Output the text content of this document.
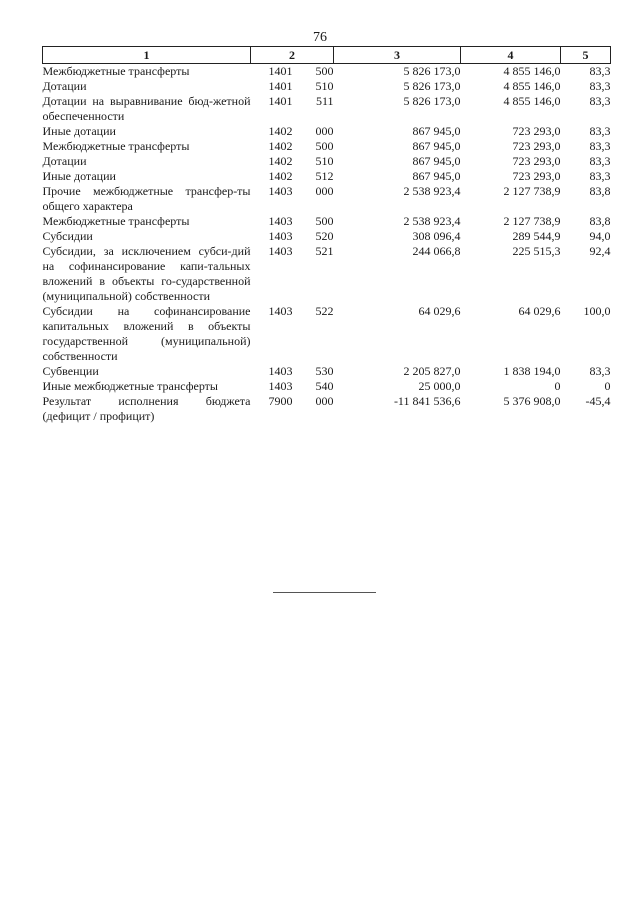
76
1	2		3	4	5
Межбюджетные трансферты	1401	500	5 826 173,0	4 855 146,0	83,3
Дотации	1401	510	5 826 173,0	4 855 146,0	83,3
Дотации на выравнивание бюд-жетной обеспеченности	1401	511	5 826 173,0	4 855 146,0	83,3
Иные дотации	1402	000	867 945,0	723 293,0	83,3
Межбюджетные трансферты	1402	500	867 945,0	723 293,0	83,3
Дотации	1402	510	867 945,0	723 293,0	83,3
Иные дотации	1402	512	867 945,0	723 293,0	83,3
Прочие межбюджетные трансфер-ты общего характера	1403	000	2 538 923,4	2 127 738,9	83,8
Межбюджетные трансферты	1403	500	2 538 923,4	2 127 738,9	83,8
Субсидии	1403	520	308 096,4	289 544,9	94,0
Субсидии, за исключением субси-дий на софинансирование капи-тальных вложений в объекты го-сударственной (муниципальной) собственности	1403	521	244 066,8	225 515,3	92,4
Субсидии на софинансирование капитальных вложений в объекты государственной (муниципальной) собственности	1403	522	64 029,6	64 029,6	100,0
Субвенции	1403	530	2 205 827,0	1 838 194,0	83,3
Иные межбюджетные трансферты	1403	540	25 000,0	0	0
Результат исполнения бюджета (дефицит / профицит)	7900	000	-11 841 536,6	5 376 908,0	-45,4
